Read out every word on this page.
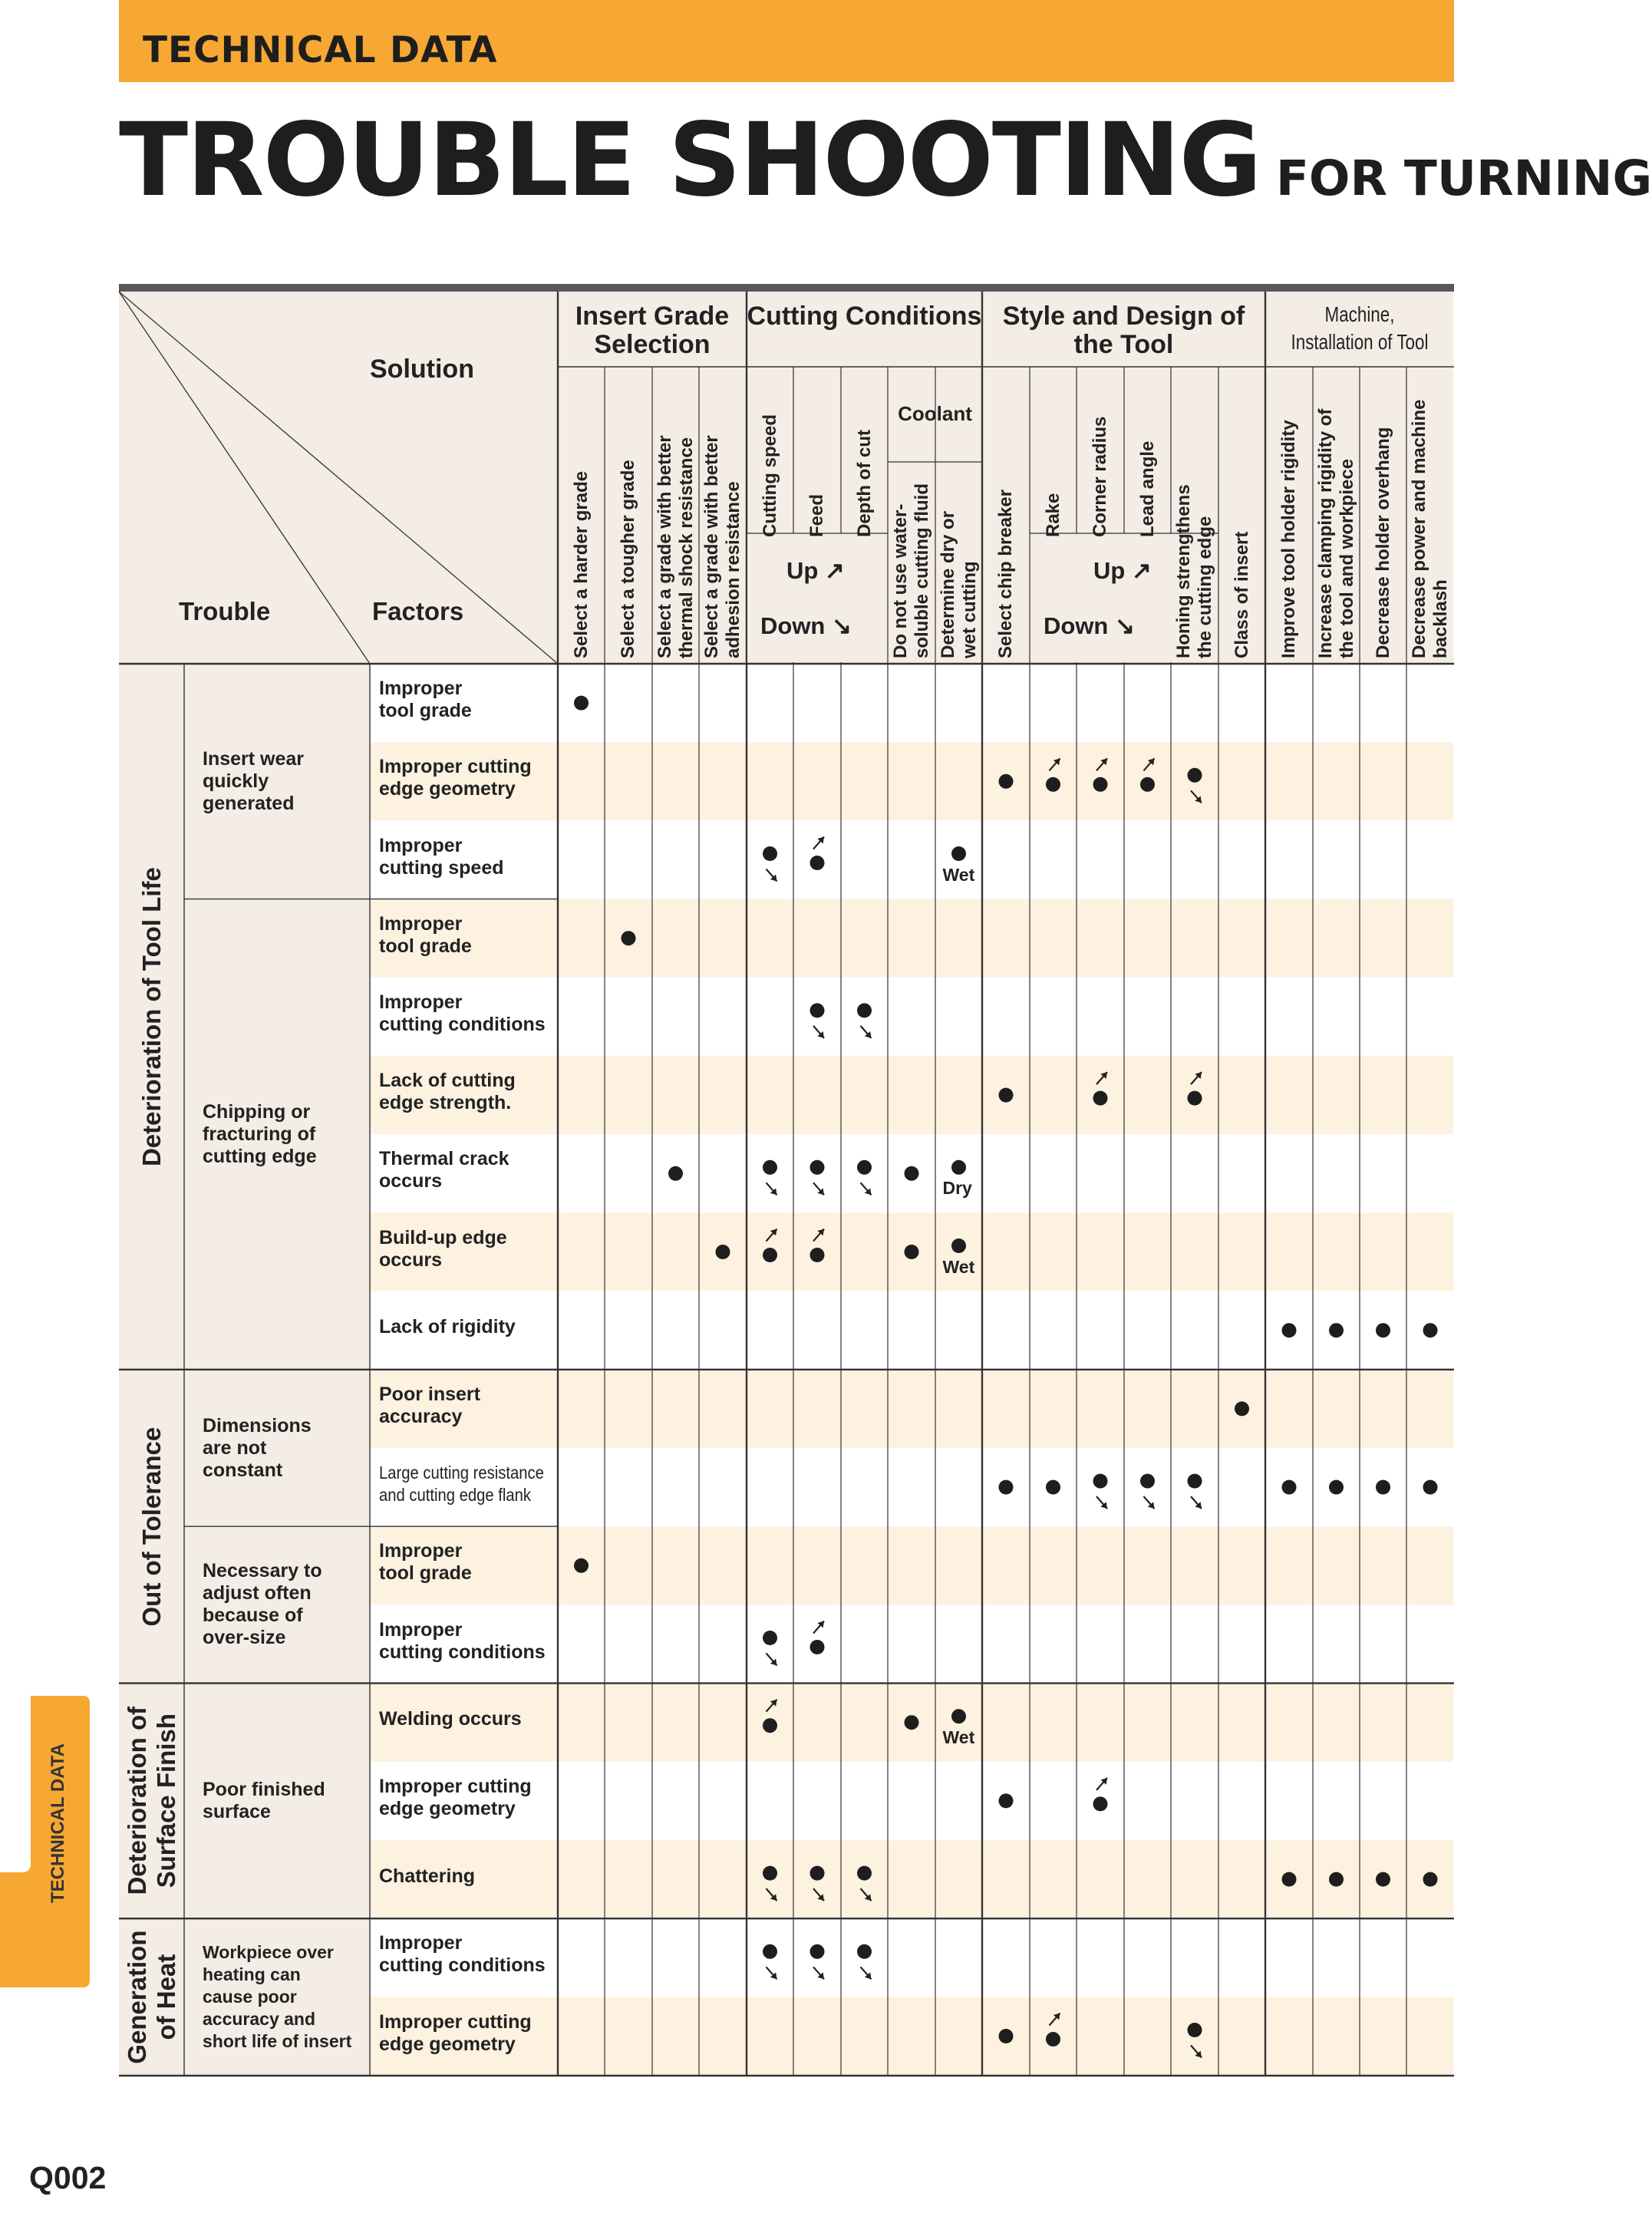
TECHNICAL DATA
TROUBLE SHOOTING FOR TURNING
Solution
Trouble	Factors
Insert Grade Selection
Cutting Conditions Style and Design of the Tool
Machine, Installation of Tool
Coolant
Up ↗
Down ↘
Up ↗
Down ↘
Select a harder grade Select a tougher grade Select a grade with better thermal shock resistance Select a grade with better adhesion resistance
Cutting speed Feed Depth of cut
Do not use water- soluble cutting fluid Determine dry or wet cutting Select chip breaker Rake Corner radius Lead angle Honing strengthens the cutting edge Class of insert Improve tool holder rigidity Increase clamping rigidity of the tool and workpiece Decrease holder overhang Decrease power and machine backlash
Insert wear
quickly
generated
Chipping or
fracturing of
cutting edge
Deterioration of Tool Life
Dimensions
are not
constant
Necessary to
adjust often
because of
over-size
Out of Tolerance
Poor finished
surface
Deterioration of Surface Finish
Workpiece over
heating can
cause poor
accuracy and
short life of insert
Generation of Heat
Improper
tool grade
Improper cutting
edge geometry
Improper
cutting speed
Improper
tool grade
Improper
cutting conditions
Lack of cutting
edge strength.
Thermal crack
occurs
Build-up edge
occurs
Lack of rigidity
Poor insert
accuracy
Large cutting resistance
and cutting edge flank
Improper
tool grade
Improper
cutting conditions
Welding occurs
Improper cutting
edge geometry
Chattering
Improper
cutting conditions
Improper cutting
edge geometry
Wet
Dry
Wet
Wet
TECHNICAL DATA
Q002
